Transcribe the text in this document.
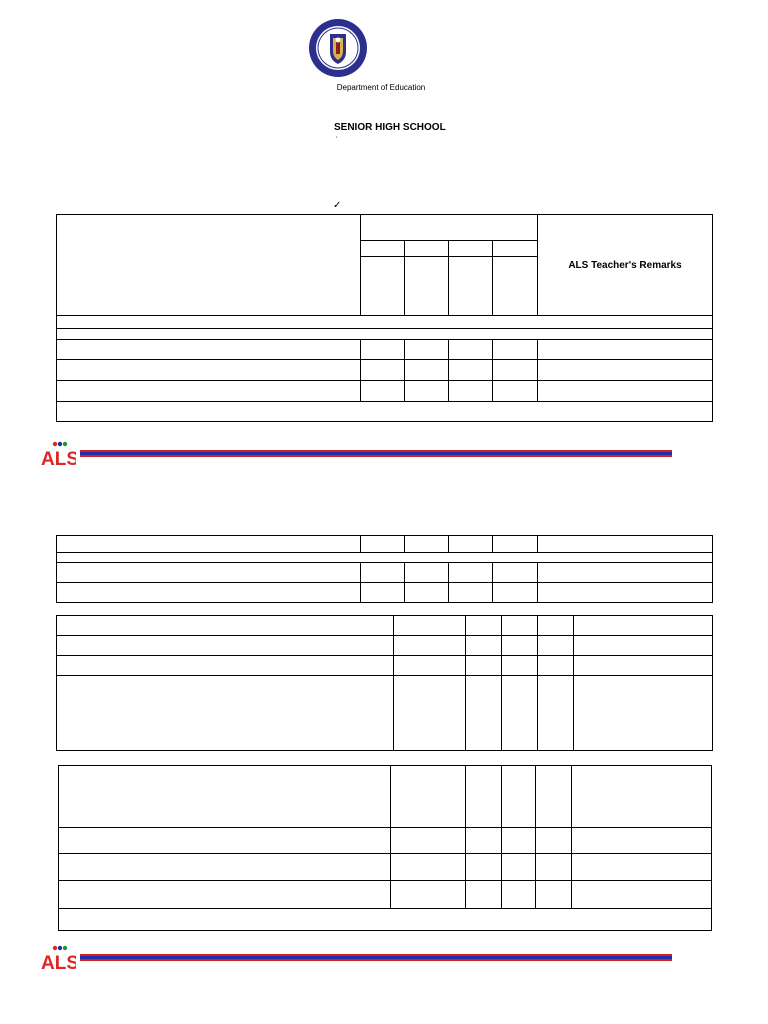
Department of Education
SENIOR HIGH SCHOOL
'
✓
					ALS Teacher's Remarks

ALS

ALS
